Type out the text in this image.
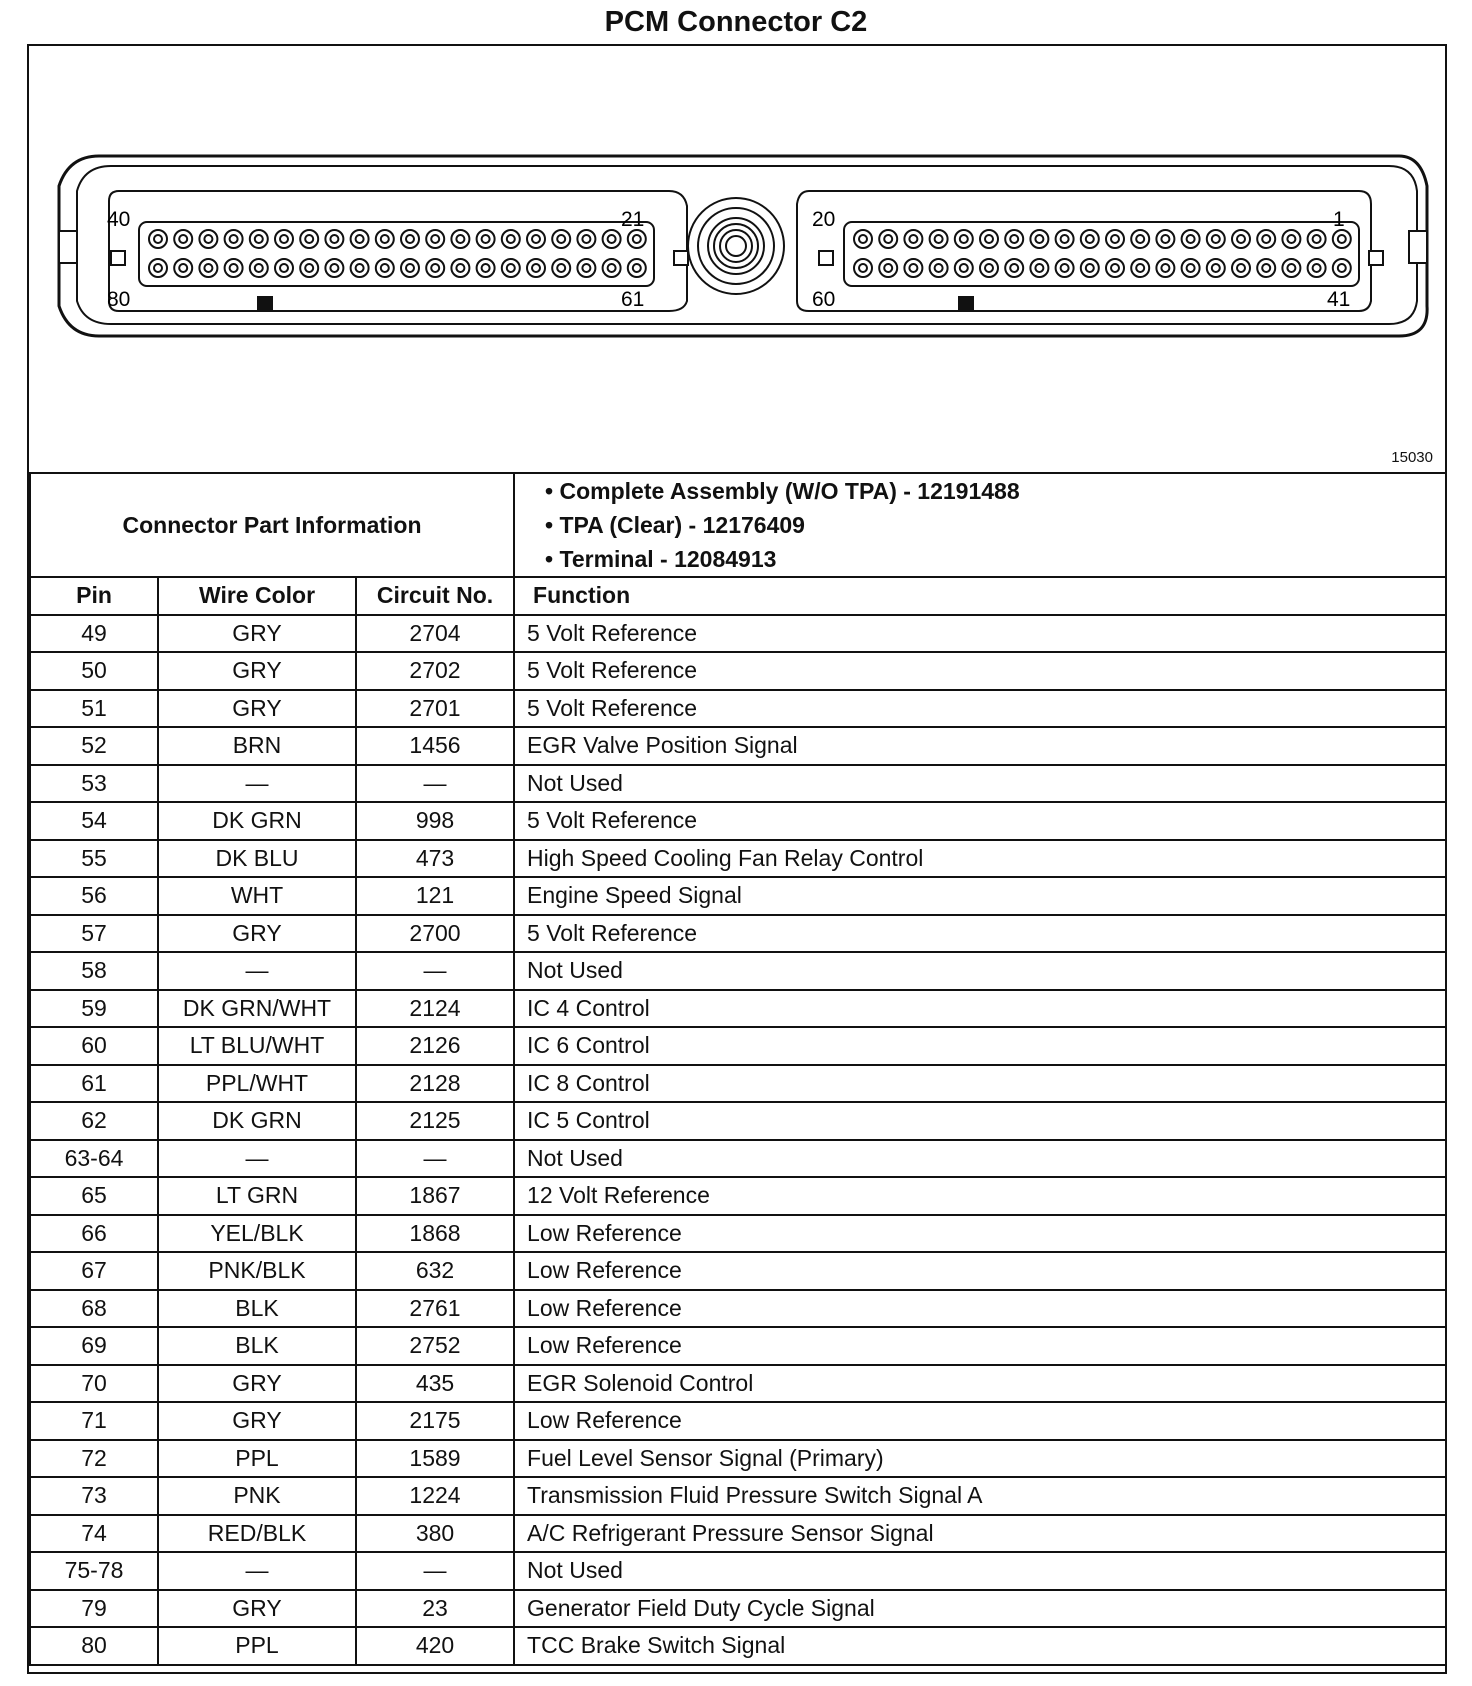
PCM Connector C2
40	21
80	61
20	1
60	41
15030
Connector Part Information			• Complete Assembly (W/O TPA) - 12191488
• TPA (Clear) - 12176409
• Terminal - 12084913

Pin	Wire Color	Circuit No.	Function
49	GRY	2704	5 Volt Reference
50	GRY	2702	5 Volt Reference
51	GRY	2701	5 Volt Reference
52	BRN	1456	EGR Valve Position Signal
53	—	—	Not Used
54	DK GRN	998	5 Volt Reference
55	DK BLU	473	High Speed Cooling Fan Relay Control
56	WHT	121	Engine Speed Signal
57	GRY	2700	5 Volt Reference
58	—	—	Not Used
59	DK GRN/WHT	2124	IC 4 Control
60	LT BLU/WHT	2126	IC 6 Control
61	PPL/WHT	2128	IC 8 Control
62	DK GRN	2125	IC 5 Control
63-64	—	—	Not Used
65	LT GRN	1867	12 Volt Reference
66	YEL/BLK	1868	Low Reference
67	PNK/BLK	632	Low Reference
68	BLK	2761	Low Reference
69	BLK	2752	Low Reference
70	GRY	435	EGR Solenoid Control
71	GRY	2175	Low Reference
72	PPL	1589	Fuel Level Sensor Signal (Primary)
73	PNK	1224	Transmission Fluid Pressure Switch Signal A
74	RED/BLK	380	A/C Refrigerant Pressure Sensor Signal
75-78	—	—	Not Used
79	GRY	23	Generator Field Duty Cycle Signal
80	PPL	420	TCC Brake Switch Signal
